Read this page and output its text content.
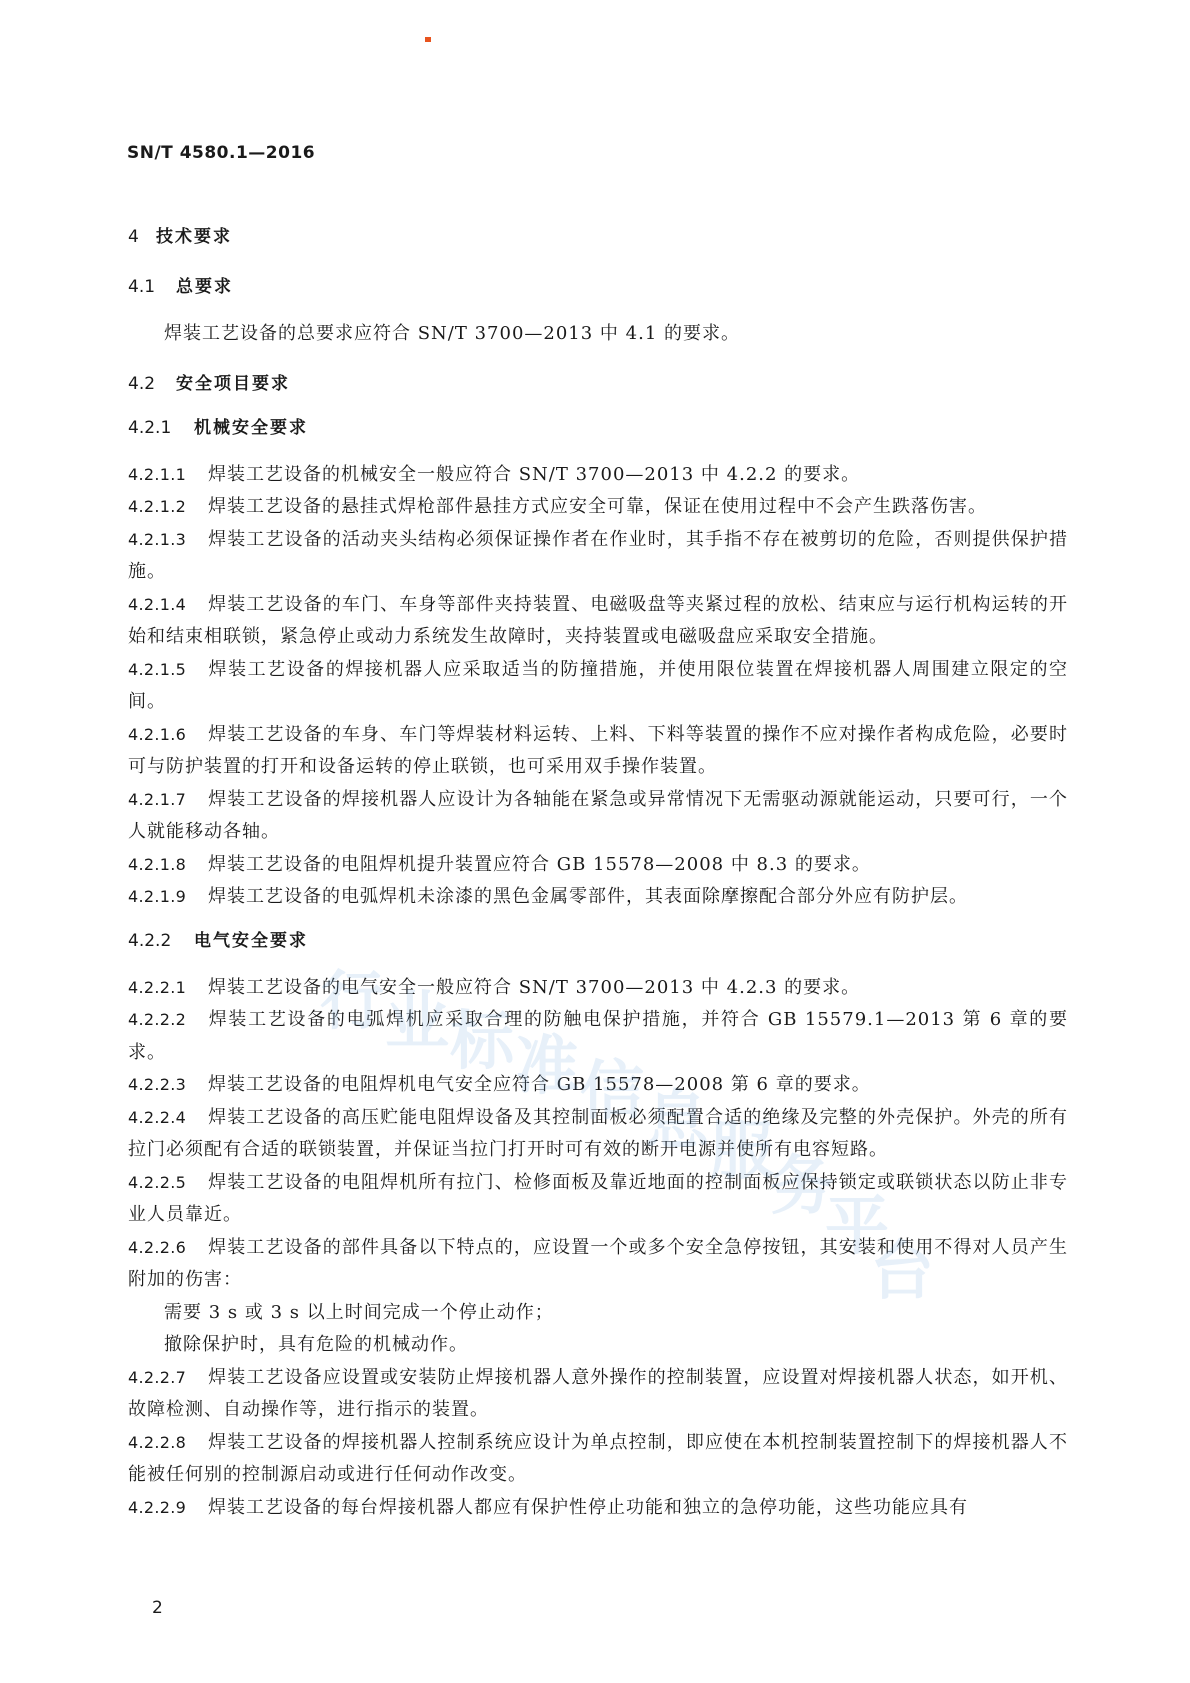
SN/T 4580.1—2016
4 技术要求
4.1 总要求
焊装工艺设备的总要求应符合 SN/T 3700—2013 中 4.1 的要求。
4.2 安全项目要求
4.2.1 机械安全要求
4.2.1.1 焊装工艺设备的机械安全一般应符合 SN/T 3700—2013 中 4.2.2 的要求。
4.2.1.2 焊装工艺设备的悬挂式焊枪部件悬挂方式应安全可靠，保证在使用过程中不会产生跌落伤害。
4.2.1.3 焊装工艺设备的活动夹头结构必须保证操作者在作业时，其手指不存在被剪切的危险，否则提供保护措施。
4.2.1.4 焊装工艺设备的车门、车身等部件夹持装置、电磁吸盘等夹紧过程的放松、结束应与运行机构运转的开始和结束相联锁，紧急停止或动力系统发生故障时，夹持装置或电磁吸盘应采取安全措施。
4.2.1.5 焊装工艺设备的焊接机器人应采取适当的防撞措施，并使用限位装置在焊接机器人周围建立限定的空间。
4.2.1.6 焊装工艺设备的车身、车门等焊装材料运转、上料、下料等装置的操作不应对操作者构成危险，必要时可与防护装置的打开和设备运转的停止联锁，也可采用双手操作装置。
4.2.1.7 焊装工艺设备的焊接机器人应设计为各轴能在紧急或异常情况下无需驱动源就能运动，只要可行，一个人就能移动各轴。
4.2.1.8 焊装工艺设备的电阻焊机提升装置应符合 GB 15578—2008 中 8.3 的要求。
4.2.1.9 焊装工艺设备的电弧焊机未涂漆的黑色金属零部件，其表面除摩擦配合部分外应有防护层。
4.2.2 电气安全要求
4.2.2.1 焊装工艺设备的电气安全一般应符合 SN/T 3700—2013 中 4.2.3 的要求。
4.2.2.2 焊装工艺设备的电弧焊机应采取合理的防触电保护措施，并符合 GB 15579.1—2013 第 6 章的要求。
4.2.2.3 焊装工艺设备的电阻焊机电气安全应符合 GB 15578—2008 第 6 章的要求。
4.2.2.4 焊装工艺设备的高压贮能电阻焊设备及其控制面板必须配置合适的绝缘及完整的外壳保护。外壳的所有拉门必须配有合适的联锁装置，并保证当拉门打开时可有效的断开电源并使所有电容短路。
4.2.2.5 焊装工艺设备的电阻焊机所有拉门、检修面板及靠近地面的控制面板应保持锁定或联锁状态以防止非专业人员靠近。
4.2.2.6 焊装工艺设备的部件具备以下特点的，应设置一个或多个安全急停按钮，其安装和使用不得对人员产生附加的伤害：
需要 3 s 或 3 s 以上时间完成一个停止动作；
撤除保护时，具有危险的机械动作。
4.2.2.7 焊装工艺设备应设置或安装防止焊接机器人意外操作的控制装置，应设置对焊接机器人状态，如开机、故障检测、自动操作等，进行指示的装置。
4.2.2.8 焊装工艺设备的焊接机器人控制系统应设计为单点控制，即应使在本机控制装置控制下的焊接机器人不能被任何别的控制源启动或进行任何动作改变。
4.2.2.9 焊装工艺设备的每台焊接机器人都应有保护性停止功能和独立的急停功能，这些功能应具有
行 业 标 准 信 息 服
务
平
台
2
